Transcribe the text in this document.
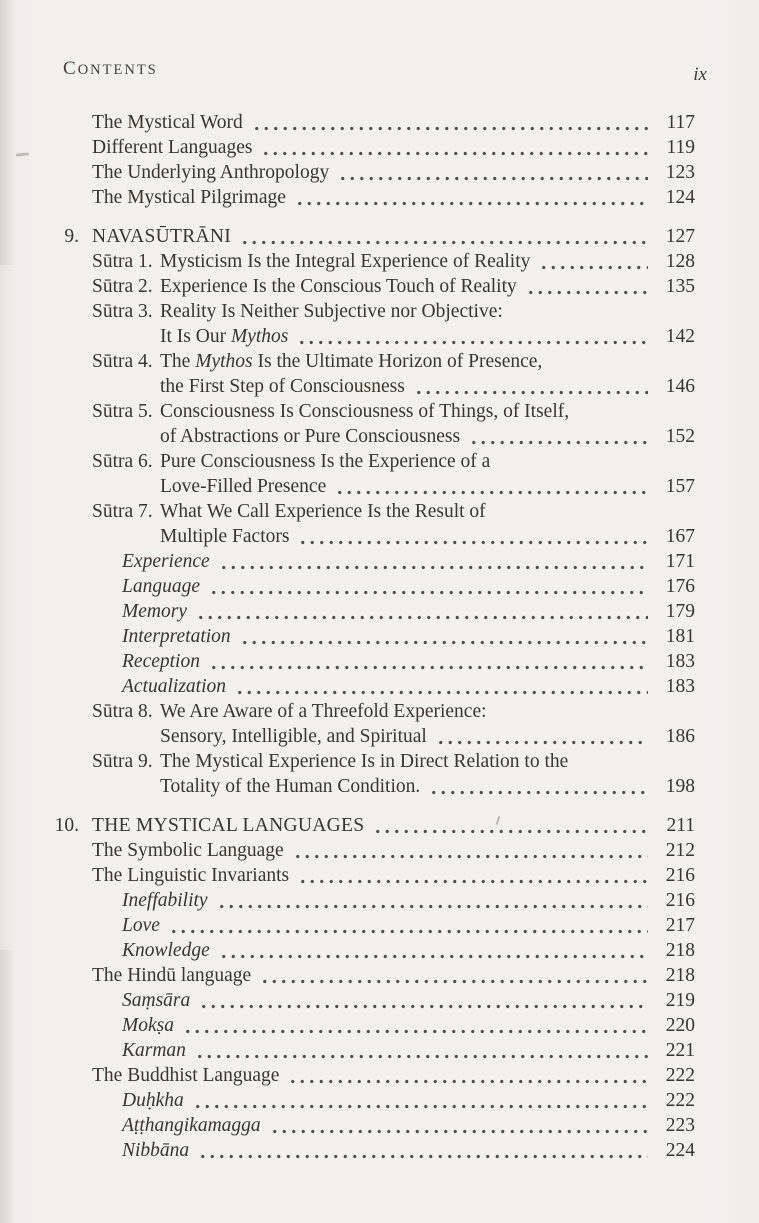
CONTENTS	ix
The Mystical Word	117
Different Languages	119
The Underlying Anthropology	123
The Mystical Pilgrimage	124
9. NAVASŪTRĀNI	127
Sūtra 1. Mysticism Is the Integral Experience of Reality	128
Sūtra 2. Experience Is the Conscious Touch of Reality	135
Sūtra 3. Reality Is Neither Subjective nor Objective:
It Is Our Mythos	142
Sūtra 4. The Mythos Is the Ultimate Horizon of Presence,
the First Step of Consciousness	146
Sūtra 5. Consciousness Is Consciousness of Things, of Itself,
of Abstractions or Pure Consciousness	152
Sūtra 6. Pure Consciousness Is the Experience of a
Love-Filled Presence	157
Sūtra 7. What We Call Experience Is the Result of
Multiple Factors	167
Experience	171
Language	176
Memory	179
Interpretation	181
Reception	183
Actualization	183
Sūtra 8. We Are Aware of a Threefold Experience:
Sensory, Intelligible, and Spiritual	186
Sūtra 9. The Mystical Experience Is in Direct Relation to the
Totality of the Human Condition.	198
10. THE MYSTICAL LANGUAGES	211
The Symbolic Language	212
The Linguistic Invariants	216
Ineffability	216
Love	217
Knowledge	218
The Hindū language	218
Saṃsāra	219
Mokṣa	220
Karman	221
The Buddhist Language	222
Duḥkha	222
Aṭṭhangikamagga	223
Nibbāna	224
